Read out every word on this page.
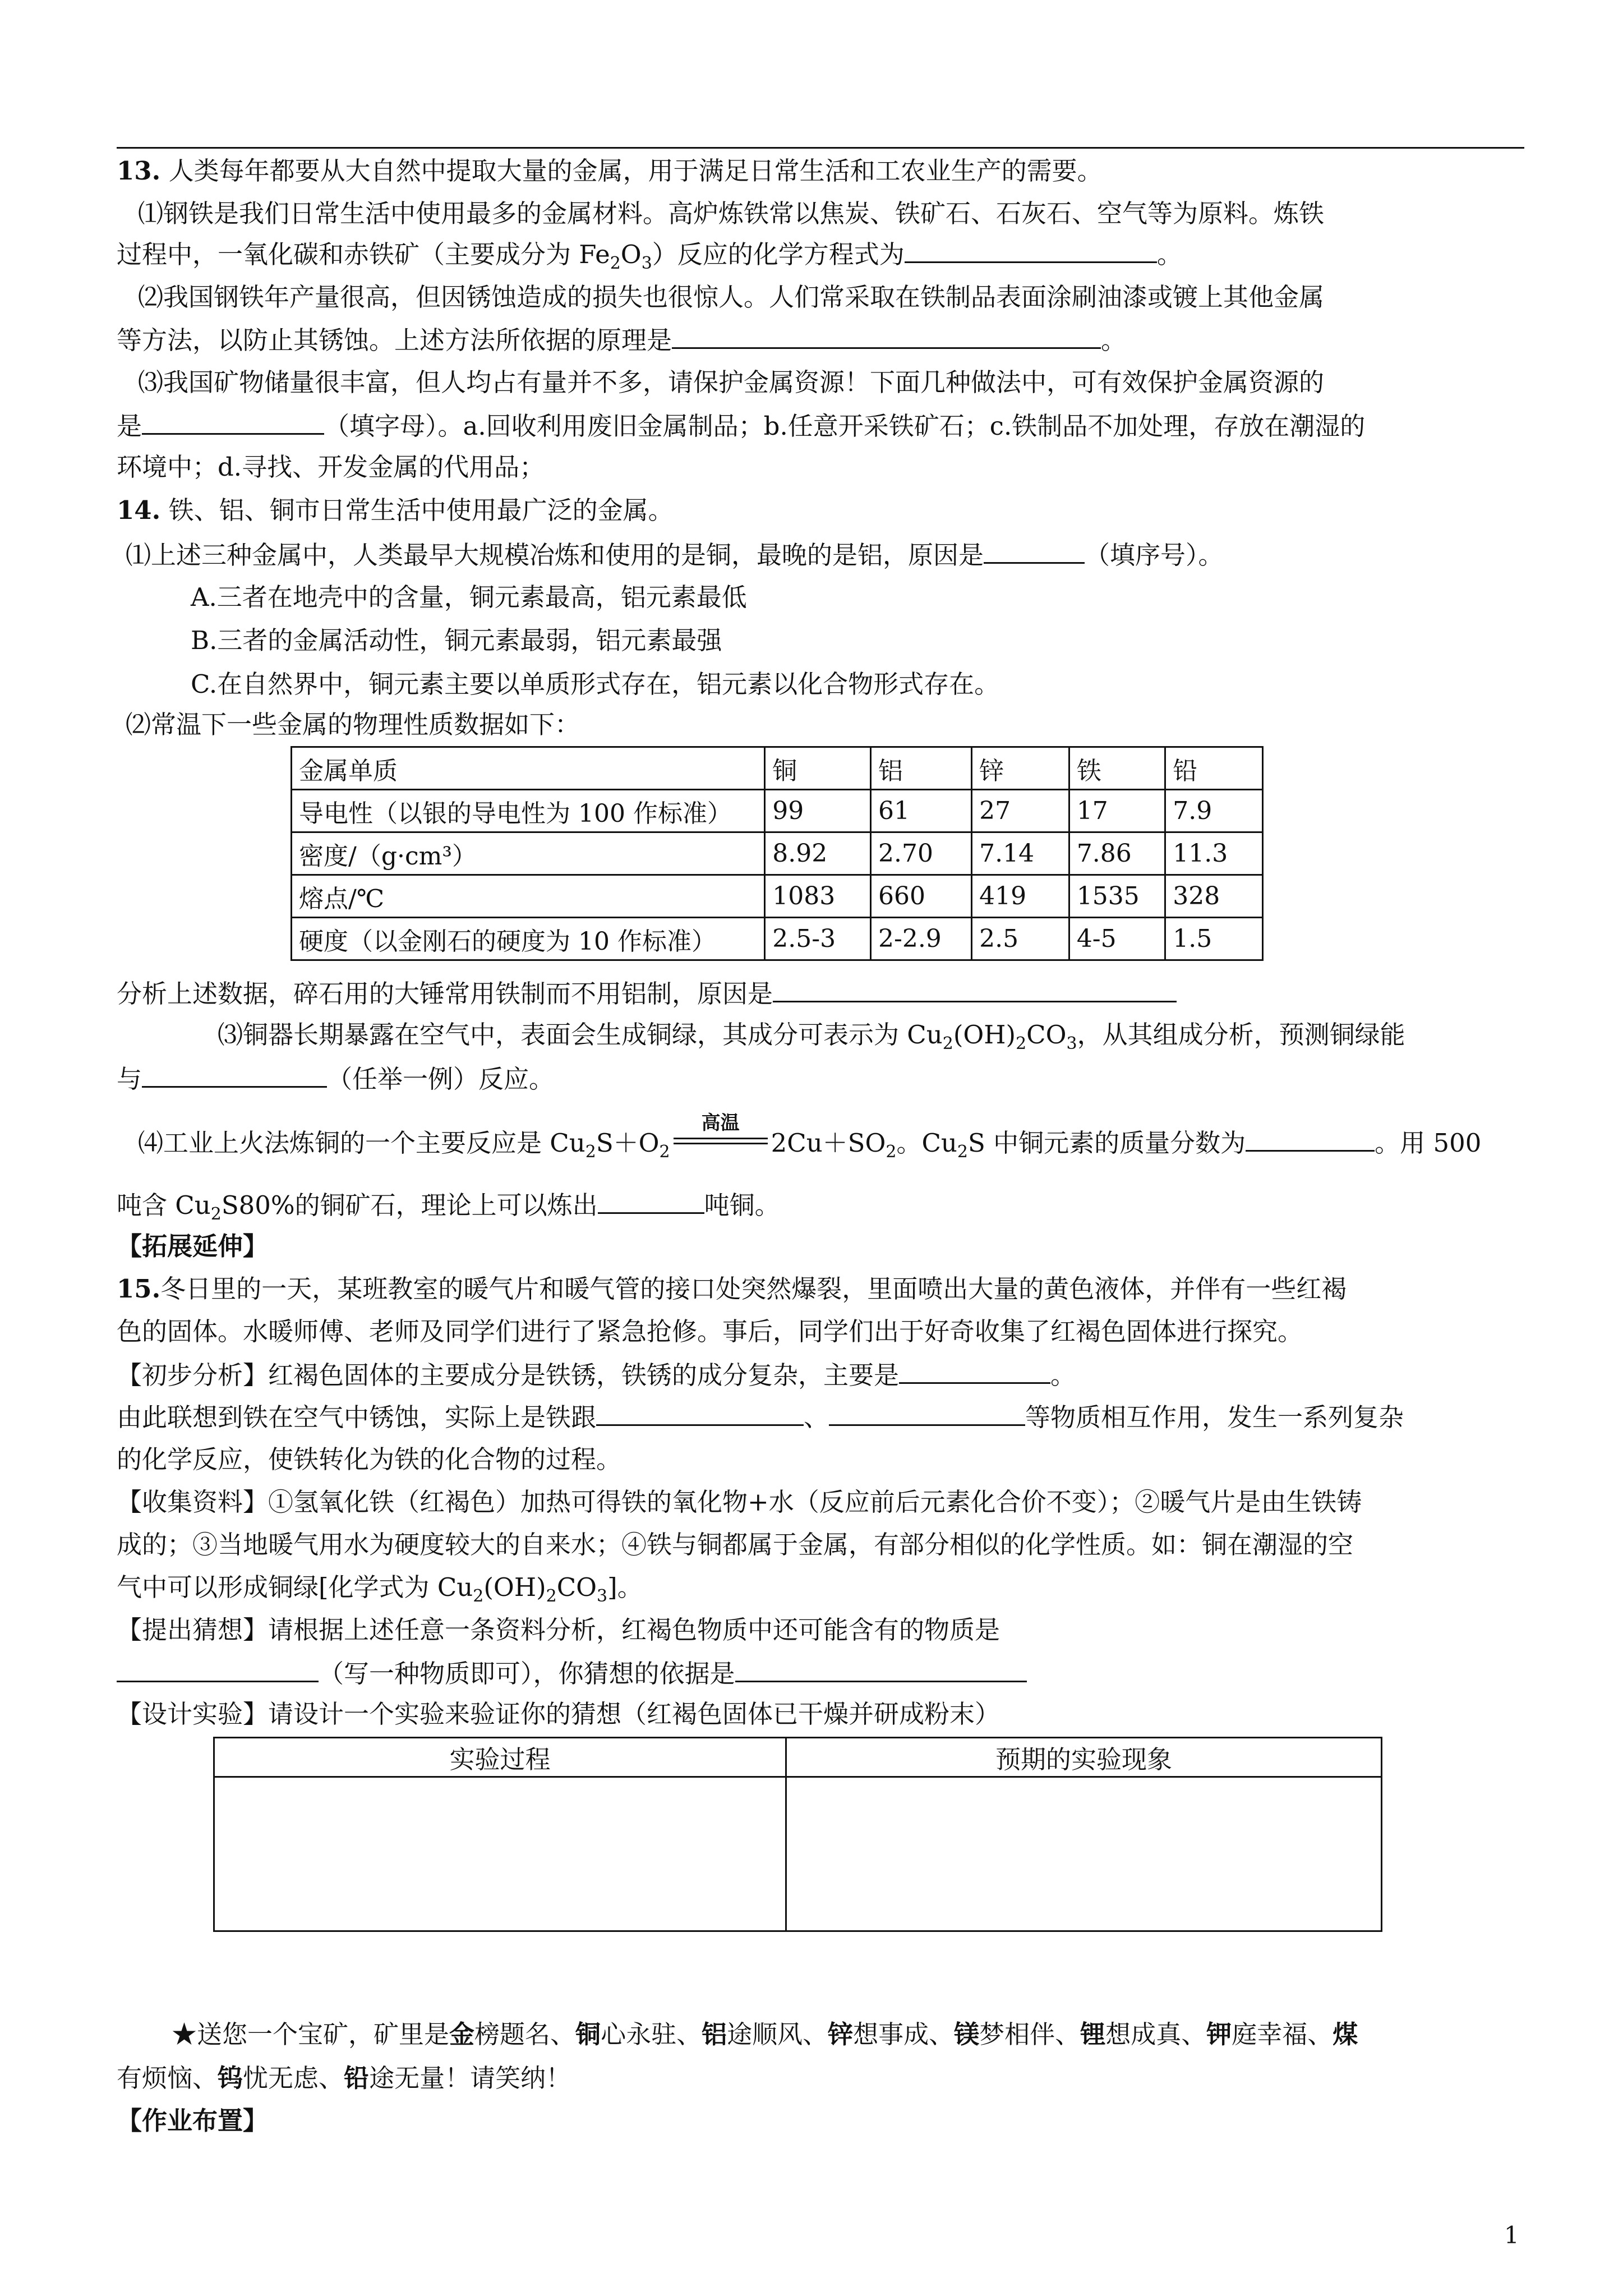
13. 人类每年都要从大自然中提取大量的金属，用于满足日常生活和工农业生产的需要。
⑴钢铁是我们日常生活中使用最多的金属材料。高炉炼铁常以焦炭、铁矿石、石灰石、空气等为原料。炼铁
过程中，一氧化碳和赤铁矿（主要成分为 $Fe_2O_3$）反应的化学方程式为	。
⑵我国钢铁年产量很高，但因锈蚀造成的损失也很惊人。人们常采取在铁制品表面涂刷油漆或镀上其他金属
等方法，以防止其锈蚀。上述方法所依据的原理是	。
⑶我国矿物储量很丰富，但人均占有量并不多，请保护金属资源！下面几种做法中，可有效保护金属资源的
是	（填字母）。a.回收利用废旧金属制品；b.任意开采铁矿石；c.铁制品不加处理，存放在潮湿的
环境中；d.寻找、开发金属的代用品；
14. 铁、铝、铜市日常生活中使用最广泛的金属。
⑴上述三种金属中，人类最早大规模冶炼和使用的是铜，最晚的是铝，原因是	（填序号）。
A.三者在地壳中的含量，铜元素最高，铝元素最低
B.三者的金属活动性，铜元素最弱，铝元素最强
C.在自然界中，铜元素主要以单质形式存在，铝元素以化合物形式存在。
⑵常温下一些金属的物理性质数据如下：
金属单质	铜	铝	锌	铁	铅
导电性（以银的导电性为 100 作标准）	99	61	27	17	7.9
密度/（g·cm³）	8.92	2.70	7.14	7.86	11.3
熔点/℃	1083	660	419	1535	328
硬度（以金刚石的硬度为 10 作标准）	2.5-3	2-2.9	2.5	4-5	1.5
分析上述数据，碎石用的大锤常用铁制而不用铝制，原因是
⑶铜器长期暴露在空气中，表面会生成铜绿，其成分可表示为 $Cu_2(OH)_2CO_3$，从其组成分析，预测铜绿能
与	（任举一例）反应。
⑷工业上火法炼铜的一个主要反应是 $Cu_2S+O_2$
高温
$2Cu+SO_2$。$Cu_2S$ 中铜元素的质量分数为	。用 500
吨含 $Cu_2S80\%$的铜矿石，理论上可以炼出	吨铜。
【拓展延伸】
15.冬日里的一天，某班教室的暖气片和暖气管的接口处突然爆裂，里面喷出大量的黄色液体，并伴有一些红褐
色的固体。水暖师傅、老师及同学们进行了紧急抢修。事后，同学们出于好奇收集了红褐色固体进行探究。
【初步分析】红褐色固体的主要成分是铁锈，铁锈的成分复杂，主要是	。
由此联想到铁在空气中锈蚀，实际上是铁跟	、	等物质相互作用，发生一系列复杂
的化学反应，使铁转化为铁的化合物的过程。
【收集资料】①氢氧化铁（红褐色）加热可得铁的氧化物+水（反应前后元素化合价不变）；②暖气片是由生铁铸
成的；③当地暖气用水为硬度较大的自来水；④铁与铜都属于金属，有部分相似的化学性质。如：铜在潮湿的空
气中可以形成铜绿[化学式为 $Cu_2(OH)_2CO_3$]。
【提出猜想】请根据上述任意一条资料分析，红褐色物质中还可能含有的物质是
（写一种物质即可），你猜想的依据是
【设计实验】请设计一个实验来验证你的猜想（红褐色固体已干燥并研成粉末）
实验过程	预期的实验现象

★送您一个宝矿，矿里是金榜题名、铜心永驻、铝途顺风、锌想事成、镁梦相伴、锂想成真、钾庭幸福、煤
有烦恼、钨忧无虑、铅途无量！请笑纳！
【作业布置】
1
